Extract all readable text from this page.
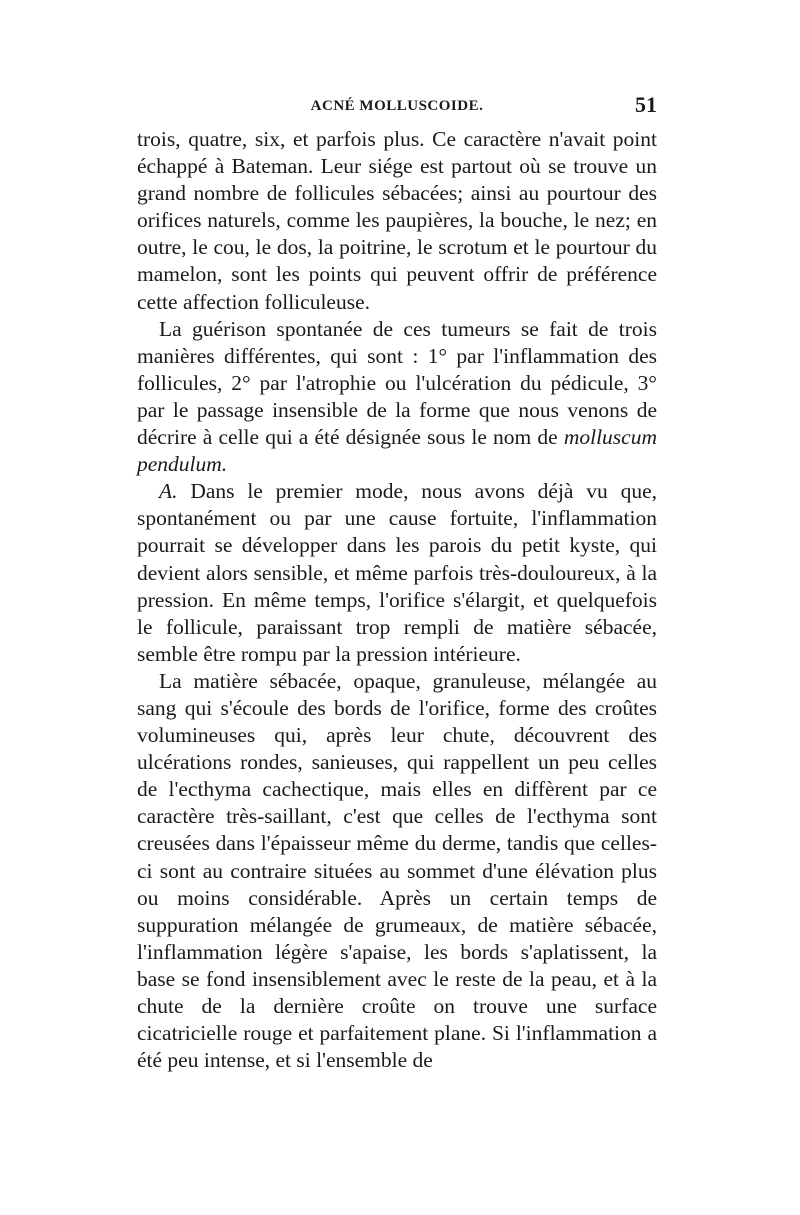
ACNÉ MOLLUSCOIDE.	51

trois, quatre, six, et parfois plus. Ce caractère n'avait point échappé à Bateman. Leur siége est partout où se trouve un grand nombre de follicules sébacées; ainsi au pourtour des orifices naturels, comme les paupières, la bouche, le nez; en outre, le cou, le dos, la poitrine, le scrotum et le pourtour du mamelon, sont les points qui peuvent offrir de préférence cette affection folliculeuse.

La guérison spontanée de ces tumeurs se fait de trois manières différentes, qui sont : 1° par l'inflammation des follicules, 2° par l'atrophie ou l'ulcération du pédicule, 3° par le passage insensible de la forme que nous venons de décrire à celle qui a été désignée sous le nom de molluscum pendulum.

A. Dans le premier mode, nous avons déjà vu que, spontanément ou par une cause fortuite, l'inflammation pourrait se développer dans les parois du petit kyste, qui devient alors sensible, et même parfois très-douloureux, à la pression. En même temps, l'orifice s'élargit, et quelquefois le follicule, paraissant trop rempli de matière sébacée, semble être rompu par la pression intérieure.

La matière sébacée, opaque, granuleuse, mélangée au sang qui s'écoule des bords de l'orifice, forme des croûtes volumineuses qui, après leur chute, découvrent des ulcérations rondes, sanieuses, qui rappellent un peu celles de l'ecthyma cachectique, mais elles en diffèrent par ce caractère très-saillant, c'est que celles de l'ecthyma sont creusées dans l'épaisseur même du derme, tandis que celles-ci sont au contraire situées au sommet d'une élévation plus ou moins considérable. Après un certain temps de suppuration mélangée de grumeaux, de matière sébacée, l'inflammation légère s'apaise, les bords s'aplatissent, la base se fond insensiblement avec le reste de la peau, et à la chute de la dernière croûte on trouve une surface cicatricielle rouge et parfaitement plane. Si l'inflammation a été peu intense, et si l'ensemble de
